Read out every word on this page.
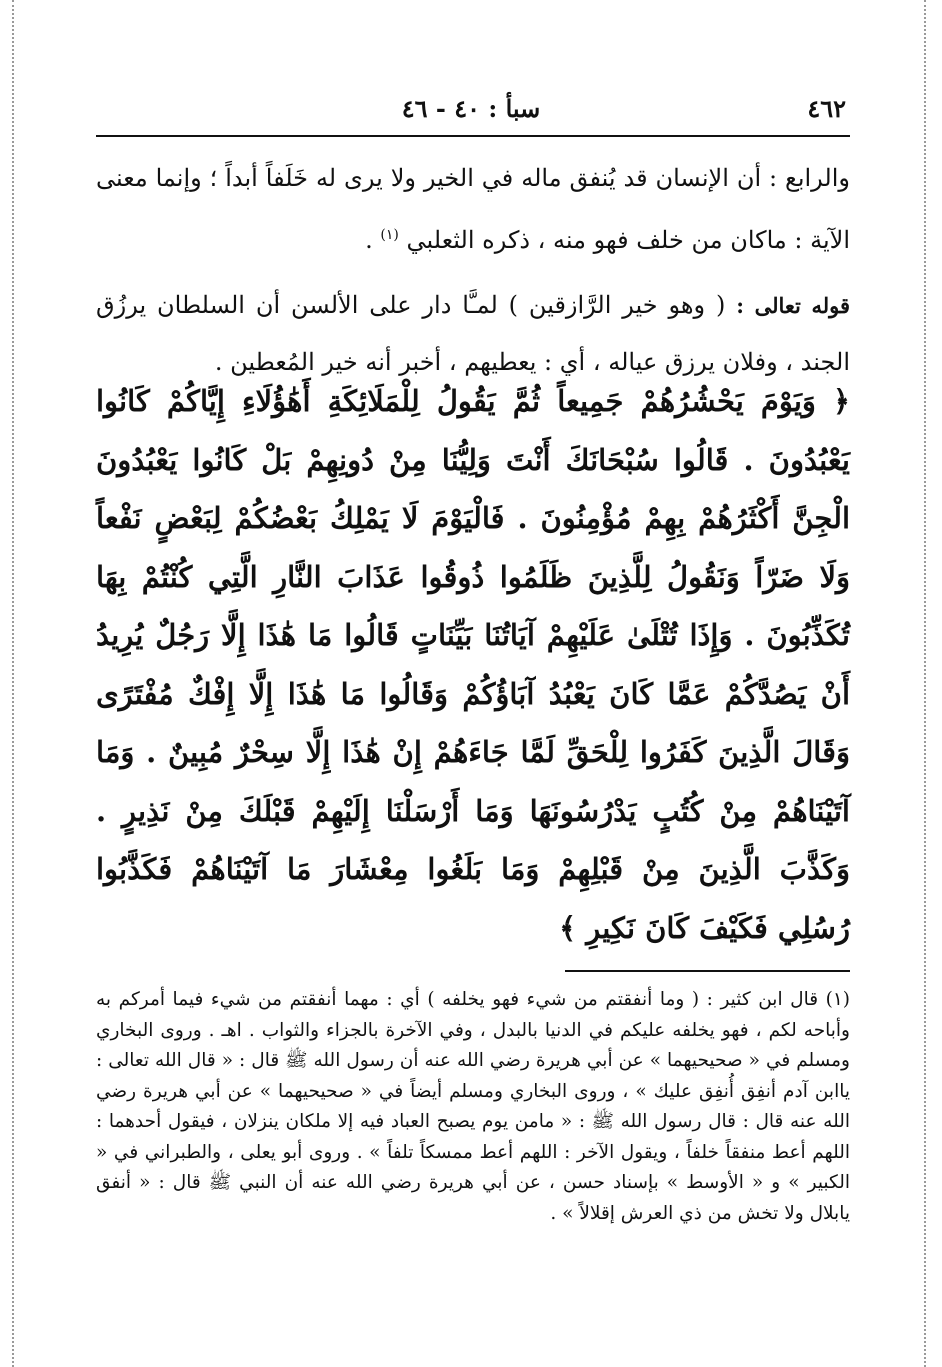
٤٦٢
سبأ : ٤٠ - ٤٦

والرابع : أن الإنسان قد يُنفق ماله في الخير ولا يرى له خَلَفاً أبداً ؛ وإنما معنى الآية : ماكان من خلف فهو منه ، ذكره الثعلبي $^{(١)}$ .

قوله تعالى : ( وهو خير الرَّازقين ) لمـَّا دار على الألسن أن السلطان يرزُق الجند ، وفلان يرزق عياله ، أي : يعطيهم ، أخبر أنه خير المُعطين .

﴿ وَيَوْمَ يَحْشُرُهُمْ جَمِيعاً ثُمَّ يَقُولُ لِلْمَلَائِكَةِ أَهَٰؤُلَاءِ إِيَّاكُمْ كَانُوا يَعْبُدُونَ . قَالُوا سُبْحَانَكَ أَنْتَ وَلِيُّنَا مِنْ دُونِهِمْ بَلْ كَانُوا يَعْبُدُونَ الْجِنَّ أَكْثَرُهُمْ بِهِمْ مُؤْمِنُونَ . فَالْيَوْمَ لَا يَمْلِكُ بَعْضُكُمْ لِبَعْضٍ نَفْعاً وَلَا ضَرّاً وَنَقُولُ لِلَّذِينَ ظَلَمُوا ذُوقُوا عَذَابَ النَّارِ الَّتِي كُنْتُمْ بِهَا تُكَذِّبُونَ . وَإِذَا تُتْلَىٰ عَلَيْهِمْ آيَاتُنَا بَيِّنَاتٍ قَالُوا مَا هَٰذَا إِلَّا رَجُلٌ يُرِيدُ أَنْ يَصُدَّكُمْ عَمَّا كَانَ يَعْبُدُ آبَاؤُكُمْ وَقَالُوا مَا هَٰذَا إِلَّا إِفْكٌ مُفْتَرًى وَقَالَ الَّذِينَ كَفَرُوا لِلْحَقِّ لَمَّا جَاءَهُمْ إِنْ هَٰذَا إِلَّا سِحْرٌ مُبِينٌ . وَمَا آتَيْنَاهُمْ مِنْ كُتُبٍ يَدْرُسُونَهَا وَمَا أَرْسَلْنَا إِلَيْهِمْ قَبْلَكَ مِنْ نَذِيرٍ . وَكَذَّبَ الَّذِينَ مِنْ قَبْلِهِمْ وَمَا بَلَغُوا مِعْشَارَ مَا آتَيْنَاهُمْ فَكَذَّبُوا رُسُلِي فَكَيْفَ كَانَ نَكِيرِ ﴾

(١) قال ابن كثير : ( وما أنفقتم من شيء فهو يخلفه ) أي : مهما أنفقتم من شيء فيما أمركم به وأباحه لكم ، فهو يخلفه عليكم في الدنيا بالبدل ، وفي الآخرة بالجزاء والثواب . اهـ . وروى البخاري ومسلم في « صحيحيهما » عن أبي هريرة رضي الله عنه أن رسول الله ﷺ قال : « قال الله تعالى : ياابن آدم أنفِق أُنفِق عليك » ، وروى البخاري ومسلم أيضاً في « صحيحيهما » عن أبي هريرة رضي الله عنه قال : قال رسول الله ﷺ : « مامن يوم يصبح العباد فيه إلا ملكان ينزلان ، فيقول أحدهما : اللهم أعط منفقاً خلفاً ، ويقول الآخر : اللهم أعط ممسكاً تلفاً » . وروى أبو يعلى ، والطبراني في « الكبير » و « الأوسط » بإسناد حسن ، عن أبي هريرة رضي الله عنه أن النبي ﷺ قال : « أنفق يابلال ولا تخش من ذي العرش إقلالاً » .
